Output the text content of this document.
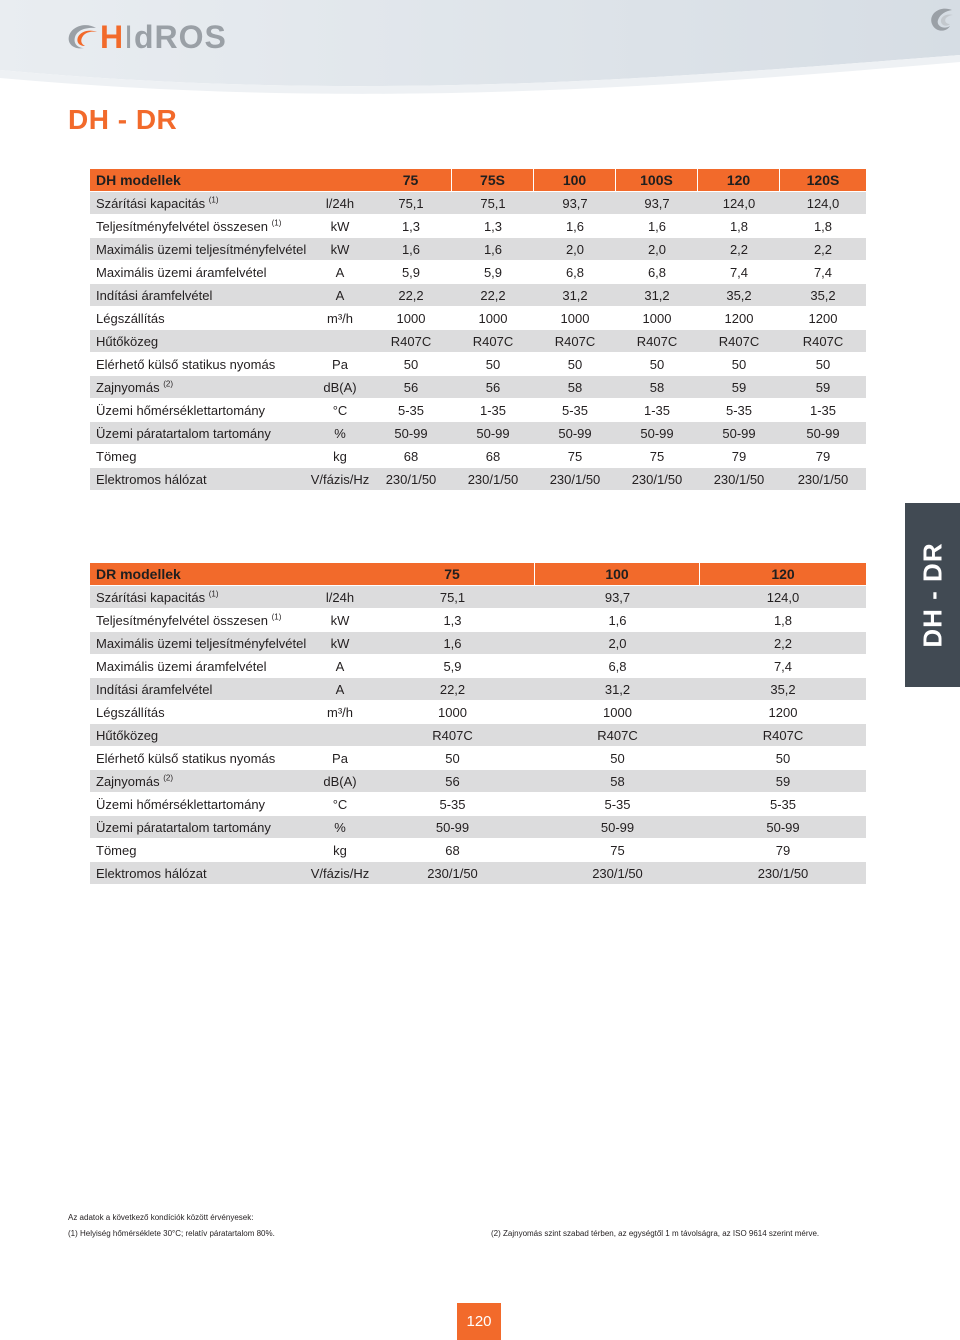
HIdROS
DH - DR
DH modellek		75	75S	100	100S	120	120S
Szárítási kapacitás $^{(1)}$	l/24h	75,1	75,1	93,7	93,7	124,0	124,0
Teljesítményfelvétel összesen $^{(1)}$	kW	1,3	1,3	1,6	1,6	1,8	1,8
Maximális üzemi teljesítményfelvétel	kW	1,6	1,6	2,0	2,0	2,2	2,2
Maximális üzemi áramfelvétel	A	5,9	5,9	6,8	6,8	7,4	7,4
Indítási áramfelvétel	A	22,2	22,2	31,2	31,2	35,2	35,2
Légszállítás	m³/h	1000	1000	1000	1000	1200	1200
Hűtőközeg		R407C	R407C	R407C	R407C	R407C	R407C
Elérhető külső statikus nyomás	Pa	50	50	50	50	50	50
Zajnyomás $^{(2)}$	dB(A)	56	56	58	58	59	59
Üzemi hőmérséklettartomány	°C	5-35	1-35	5-35	1-35	5-35	1-35
Üzemi páratartalom tartomány	%	50-99	50-99	50-99	50-99	50-99	50-99
Tömeg	kg	68	68	75	75	79	79
Elektromos hálózat	V/fázis/Hz	230/1/50	230/1/50	230/1/50	230/1/50	230/1/50	230/1/50
DR modellek		75	100	120
Szárítási kapacitás $^{(1)}$	l/24h	75,1	93,7	124,0
Teljesítményfelvétel összesen $^{(1)}$	kW	1,3	1,6	1,8
Maximális üzemi teljesítményfelvétel	kW	1,6	2,0	2,2
Maximális üzemi áramfelvétel	A	5,9	6,8	7,4
Indítási áramfelvétel	A	22,2	31,2	35,2
Légszállítás	m³/h	1000	1000	1200
Hűtőközeg		R407C	R407C	R407C
Elérhető külső statikus nyomás	Pa	50	50	50
Zajnyomás $^{(2)}$	dB(A)	56	58	59
Üzemi hőmérséklettartomány	°C	5-35	5-35	5-35
Üzemi páratartalom tartomány	%	50-99	50-99	50-99
Tömeg	kg	68	75	79
Elektromos hálózat	V/fázis/Hz	230/1/50	230/1/50	230/1/50
DH - DR
Az adatok a következő kondíciók között érvényesek:
(1) Helyiség hőmérséklete 30°C; relatív páratartalom 80%.	(2) Zajnyomás szint szabad térben, az egységtől 1 m távolságra, az ISO 9614 szerint mérve.
120
